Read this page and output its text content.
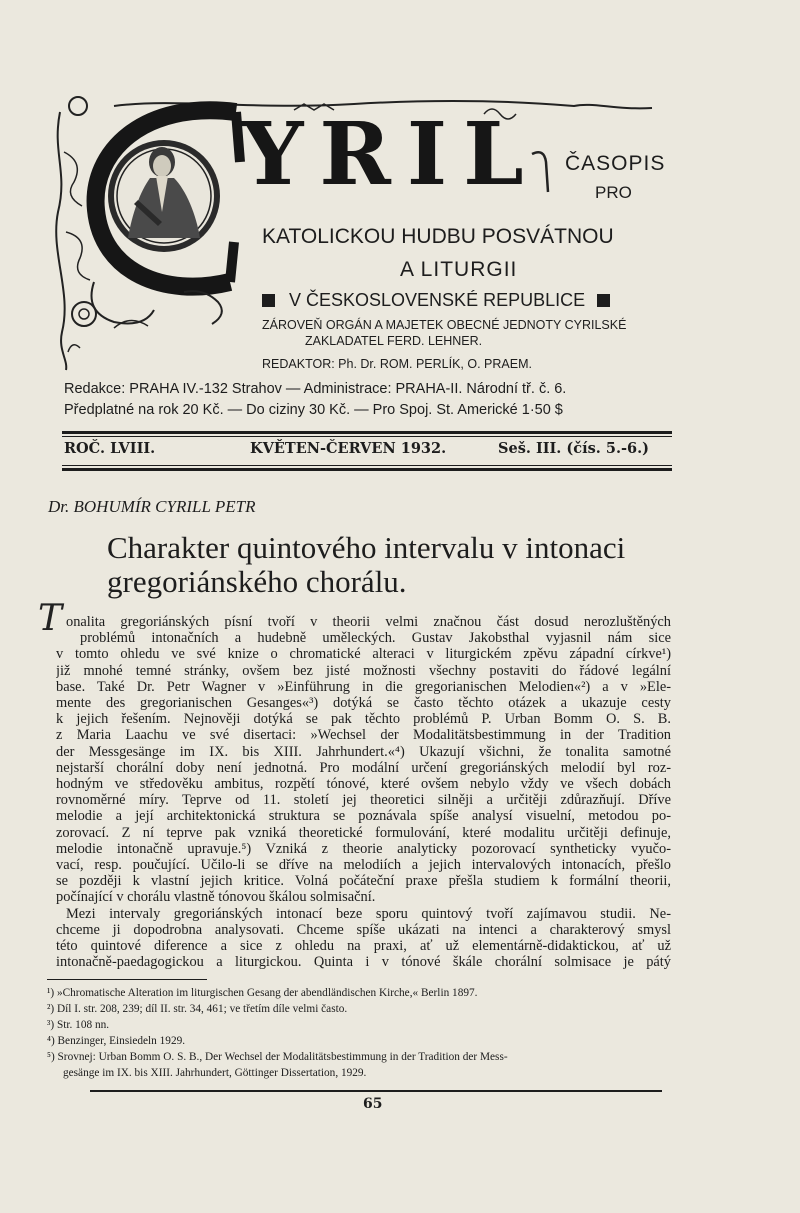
YRIL ČASOPIS
PRO
KATOLICKOU HUDBU POSVÁTNOU
A LITURGII
V ČESKOSLOVENSKÉ REPUBLICE
ZÁROVEŇ ORGÁN A MAJETEK OBECNÉ JEDNOTY CYRILSKÉ
ZAKLADATEL FERD. LEHNER.
REDAKTOR: Ph. Dr. ROM. PERLÍK, O. PRAEM.
Redakce: PRAHA IV.-132 Strahov — Administrace: PRAHA-II. Národní tř. č. 6.
Předplatné na rok 20 Kč. — Do ciziny 30 Kč. — Pro Spoj. St. Americké 1·50 $
ROČ. LVIII.	KVĚTEN-ČERVEN 1932.	Seš. III. (čís. 5.-6.)
Dr. BOHUMÍR CYRILL PETR
Charakter quintového intervalu v intonaci
gregoriánského chorálu.
T onalita gregoriánských písní tvoří v theorii velmi značnou část dosud nerozluštěných
problémů intonačních a hudebně uměleckých. Gustav Jakobsthal vyjasnil nám sice
v tomto ohledu ve své knize o chromatické alteraci v liturgickém zpěvu západní církve¹)
již mnohé temné stránky, ovšem bez jisté možnosti všechny postaviti do řádové legální
base. Také Dr. Petr Wagner v »Einführung in die gregorianischen Melodien«²) a v »Ele-
mente des gregorianischen Gesanges«³) dotýká se často těchto otázek a ukazuje cesty
k jejich řešením. Nejnověji dotýká se pak těchto problémů P. Urban Bomm O. S. B.
z Maria Laachu ve své disertaci: »Wechsel der Modalitätsbestimmung in der Tradition
der Messgesänge im IX. bis XIII. Jahrhundert.«⁴) Ukazují všichni, že tonalita samotné
nejstarší chorální doby není jednotná. Pro modální určení gregoriánských melodií byl roz-
hodným ve středověku ambitus, rozpětí tónové, které ovšem nebylo vždy ve všech dobách
rovnoměrné míry. Teprve od 11. století jej theoretici silněji a určitěji zdůrazňují. Dříve
melodie a její architektonická struktura se poznávala spíše analysí visuelní, metodou po-
zorovací. Z ní teprve pak vzniká theoretické formulování, které modalitu určitěji definuje,
melodie intonačně upravuje.⁵) Vzniká z theorie analyticky pozorovací syntheticky vyučo-
vací, resp. poučující. Učilo-li se dříve na melodiích a jejich intervalových intonacích, přešlo
se později k vlastní jejich kritice. Volná počáteční praxe přešla studiem k formální theorii,
počínající v chorálu vlastně tónovou škálou solmisační.
Mezi intervaly gregoriánských intonací beze sporu quintový tvoří zajímavou studii. Ne-
chceme ji dopodrobna analysovati. Chceme spíše ukázati na intenci a charakterový smysl
této quintové diference a sice z ohledu na praxi, ať už elementárně-didaktickou, ať už
intonačně-paedagogickou a liturgickou. Quinta i v tónové škále chorální solmisace je pátý
¹) »Chromatische Alteration im liturgischen Gesang der abendländischen Kirche,« Berlin 1897.
²) Díl I. str. 208, 239; díl II. str. 34, 461; ve třetím díle velmi často.
³) Str. 108 nn.
⁴) Benzinger, Einsiedeln 1929.
⁵) Srovnej: Urban Bomm O. S. B., Der Wechsel der Modalitätsbestimmung in der Tradition der Mess-
gesänge im IX. bis XIII. Jahrhundert, Göttinger Dissertation, 1929.
65
